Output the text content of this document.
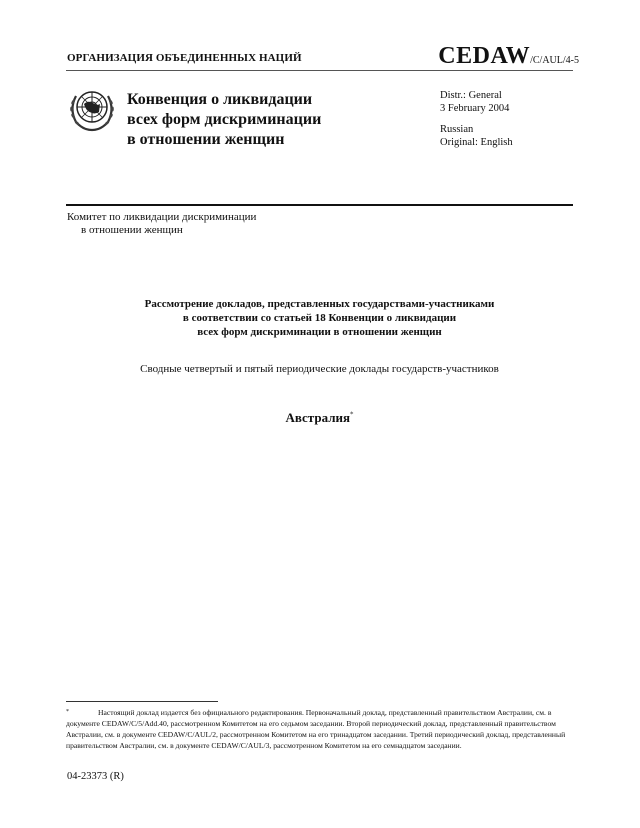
ОРГАНИЗАЦИЯ ОБЪЕДИНЕННЫХ НАЦИЙ	CEDAW/C/AUL/4-5
Конвенция о ликвидации
всех форм дискриминации
в отношении женщин
Distr.: General
3 February 2004
Russian
Original: English
Комитет по ликвидации дискриминации
в отношении женщин
Рассмотрение докладов, представленных государствами-участниками
в соответствии со статьей 18 Конвенции о ликвидации
всех форм дискриминации в отношении женщин
Сводные четвертый и пятый периодические доклады государств-участников
Австралия*
*	Настоящий доклад издается без официального редактирования. Первоначальный доклад, представленный правительством Австралии, см. в документе CEDAW/C/5/Add.40, рассмотренном Комитетом на его седьмом заседании. Второй периодический доклад, представленный правительством Австралии, см. в документе CEDAW/C/AUL/2, рассмотренном Комитетом на его тринадцатом заседании. Третий периодический доклад, представленный правительством Австралии, см. в документе CEDAW/C/AUL/3, рассмотренном Комитетом на его семнадцатом заседании.
04-23373 (R)
